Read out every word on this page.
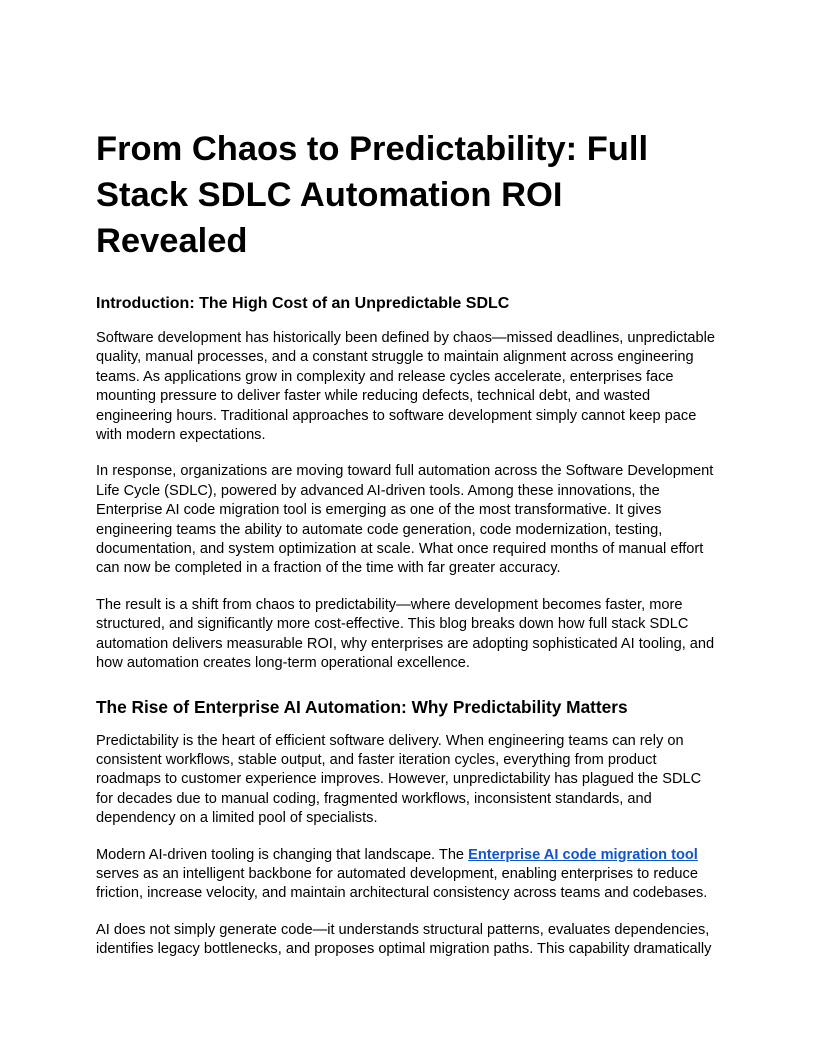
From Chaos to Predictability: Full Stack SDLC Automation ROI Revealed
Introduction: The High Cost of an Unpredictable SDLC

Software development has historically been defined by chaos—missed deadlines, unpredictable quality, manual processes, and a constant struggle to maintain alignment across engineering teams. As applications grow in complexity and release cycles accelerate, enterprises face mounting pressure to deliver faster while reducing defects, technical debt, and wasted engineering hours. Traditional approaches to software development simply cannot keep pace with modern expectations.

In response, organizations are moving toward full automation across the Software Development Life Cycle (SDLC), powered by advanced AI-driven tools. Among these innovations, the Enterprise AI code migration tool is emerging as one of the most transformative. It gives engineering teams the ability to automate code generation, code modernization, testing, documentation, and system optimization at scale. What once required months of manual effort can now be completed in a fraction of the time with far greater accuracy.

The result is a shift from chaos to predictability—where development becomes faster, more structured, and significantly more cost-effective. This blog breaks down how full stack SDLC automation delivers measurable ROI, why enterprises are adopting sophisticated AI tooling, and how automation creates long-term operational excellence.

The Rise of Enterprise AI Automation: Why Predictability Matters

Predictability is the heart of efficient software delivery. When engineering teams can rely on consistent workflows, stable output, and faster iteration cycles, everything from product roadmaps to customer experience improves. However, unpredictability has plagued the SDLC for decades due to manual coding, fragmented workflows, inconsistent standards, and dependency on a limited pool of specialists.

Modern AI-driven tooling is changing that landscape. The Enterprise AI code migration tool serves as an intelligent backbone for automated development, enabling enterprises to reduce friction, increase velocity, and maintain architectural consistency across teams and codebases.

AI does not simply generate code—it understands structural patterns, evaluates dependencies, identifies legacy bottlenecks, and proposes optimal migration paths. This capability dramatically
